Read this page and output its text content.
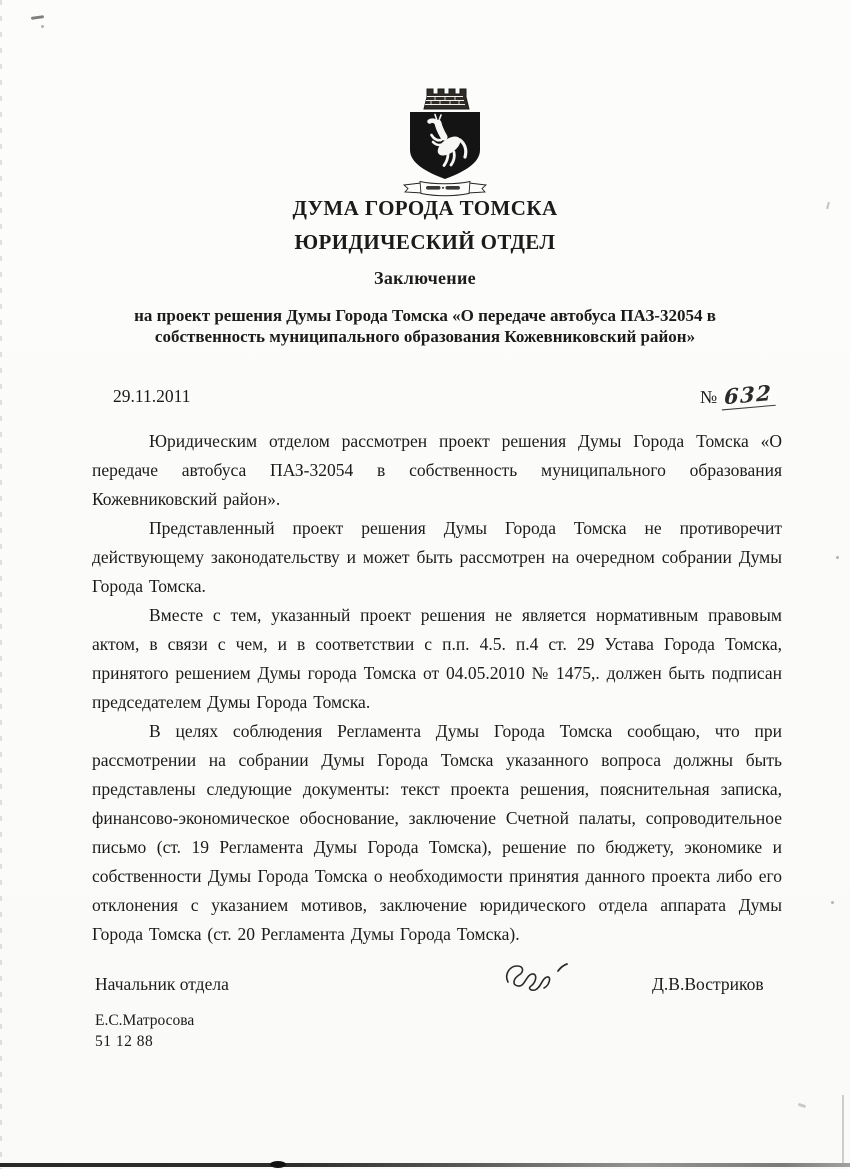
ДУМА ГОРОДА ТОМСКА
ЮРИДИЧЕСКИЙ ОТДЕЛ
Заключение
на проект решения Думы Города Томска «О передаче автобуса ПАЗ-32054 в собственность муниципального образования Кожевниковский район»
29.11.2011	№ 632

Юридическим отделом рассмотрен проект решения Думы Города Томска «О передаче автобуса ПАЗ-32054 в собственность муниципального образования Кожевниковский район».

Представленный проект решения Думы Города Томска не противоречит действующему законодательству и может быть рассмотрен на очередном собрании Думы Города Томска.

Вместе с тем, указанный проект решения не является нормативным правовым актом, в связи с чем, и в соответствии с п.п. 4.5. п.4 ст. 29 Устава Города Томска, принятого решением Думы города Томска от 04.05.2010 № 1475,. должен быть подписан председателем Думы Города Томска.

В целях соблюдения Регламента Думы Города Томска сообщаю, что при рассмотрении на собрании Думы Города Томска указанного вопроса должны быть представлены следующие документы: текст проекта решения, пояснительная записка, финансово-экономическое обоснование, заключение Счетной палаты, сопроводительное письмо (ст. 19 Регламента Думы Города Томска), решение по бюджету, экономике и собственности Думы Города Томска о необходимости принятия данного проекта либо его отклонения с указанием мотивов, заключение юридического отдела аппарата Думы Города Томска (ст. 20 Регламента Думы Города Томска).

Начальник отдела	Д.В.Востриков
Е.С.Матросова
51 12 88
